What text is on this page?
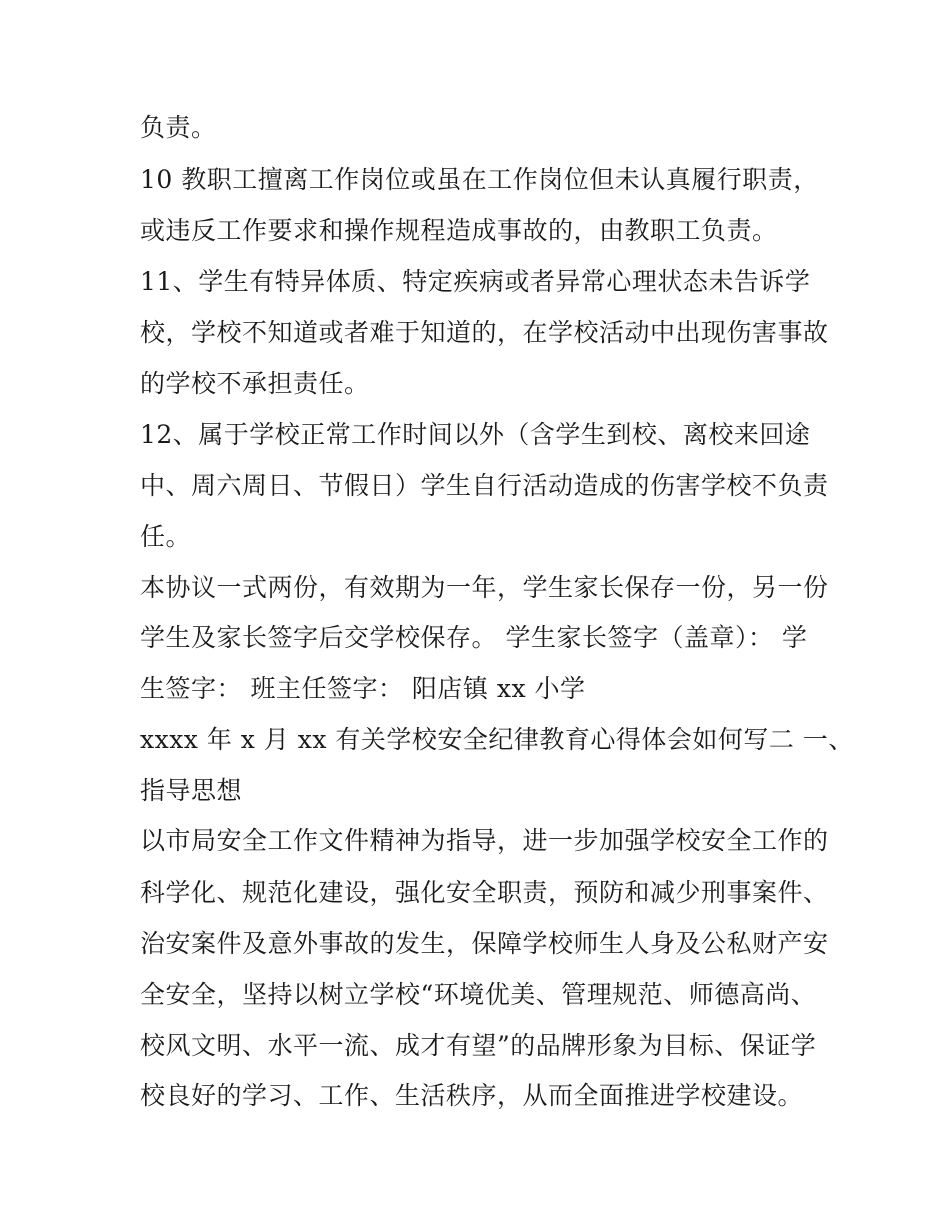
负责。
10 教职工擅离工作岗位或虽在工作岗位但未认真履行职责，
或违反工作要求和操作规程造成事故的，由教职工负责。
11、学生有特异体质、特定疾病或者异常心理状态未告诉学
校，学校不知道或者难于知道的，在学校活动中出现伤害事故
的学校不承担责任。
12、属于学校正常工作时间以外（含学生到校、离校来回途
中、周六周日、节假日）学生自行活动造成的伤害学校不负责
任。
本协议一式两份，有效期为一年，学生家长保存一份，另一份
学生及家长签字后交学校保存。 学生家长签字（盖章）： 学
生签字： 班主任签字： 阳店镇 xx 小学
xxxx 年 x 月 xx 有关学校安全纪律教育心得体会如何写二 一、
指导思想
以市局安全工作文件精神为指导，进一步加强学校安全工作的
科学化、规范化建设，强化安全职责，预防和减少刑事案件、
治安案件及意外事故的发生，保障学校师生人身及公私财产安
全安全，坚持以树立学校“环境优美、管理规范、师德高尚、
校风文明、水平一流、成才有望”的品牌形象为目标、保证学
校良好的学习、工作、生活秩序，从而全面推进学校建设。
